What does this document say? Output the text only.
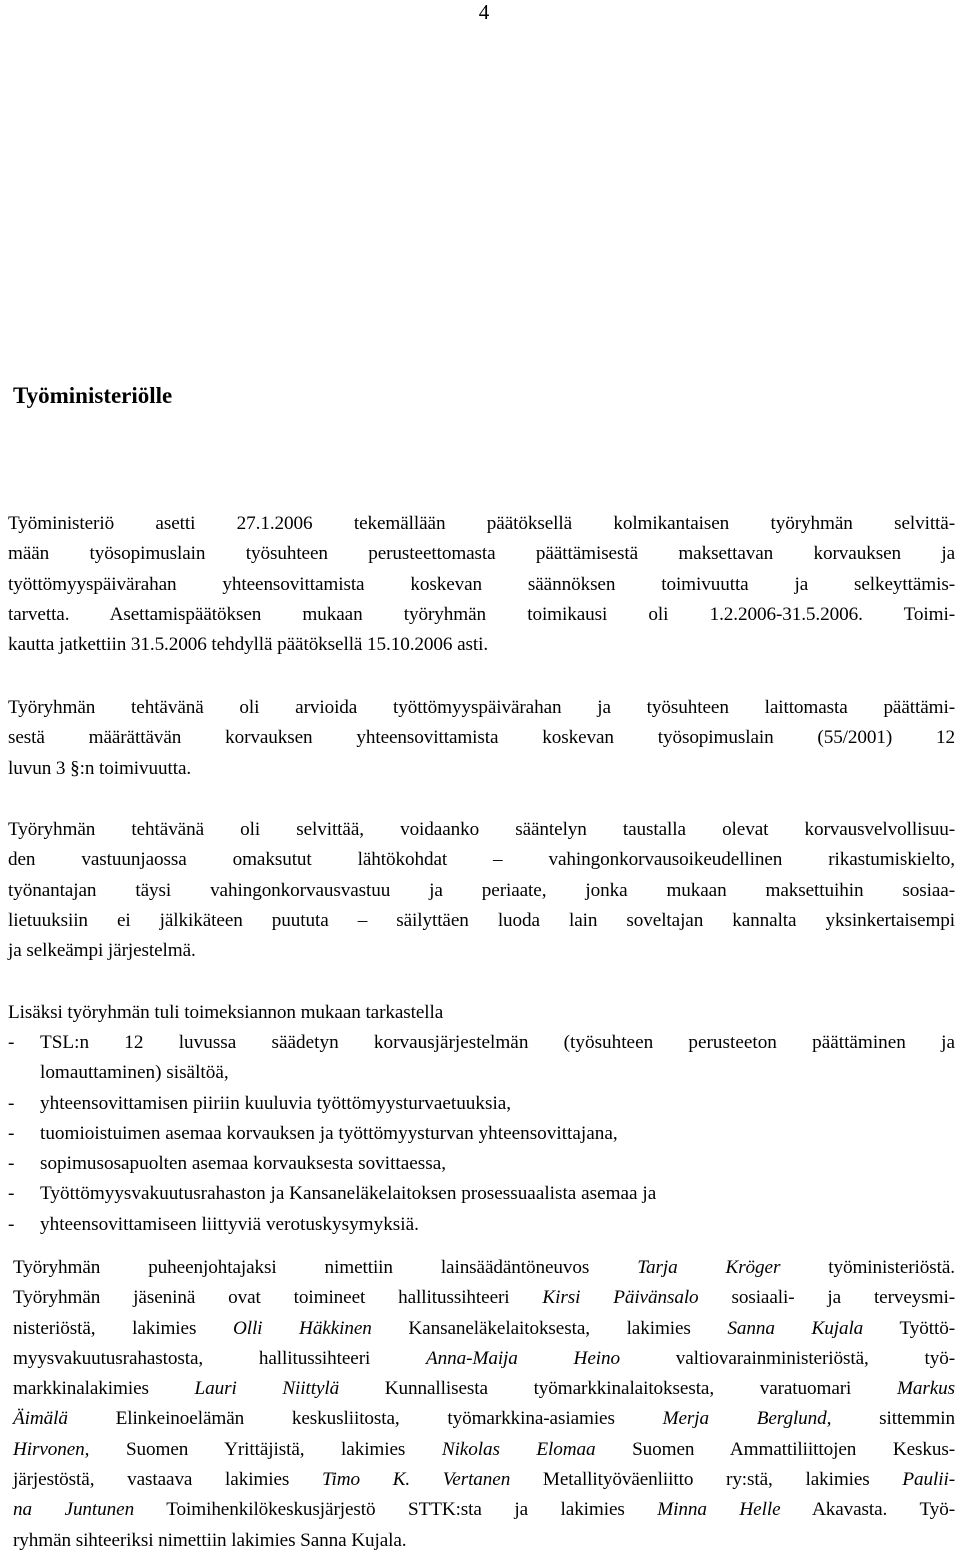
4
Työministeriölle

Työministeriö asetti 27.1.2006 tekemällään päätöksellä kolmikantaisen työryhmän selvittä-
mään työsopimuslain työsuhteen perusteettomasta päättämisestä maksettavan korvauksen ja
työttömyyspäivärahan yhteensovittamista koskevan säännöksen toimivuutta ja selkeyttämis-
tarvetta. Asettamispäätöksen mukaan työryhmän toimikausi oli 1.2.2006-31.5.2006. Toimi-
kautta jatkettiin 31.5.2006 tehdyllä päätöksellä 15.10.2006 asti.

Työryhmän tehtävänä oli arvioida työttömyyspäivärahan ja työsuhteen laittomasta päättämi-
sestä määrättävän korvauksen yhteensovittamista koskevan työsopimuslain (55/2001) 12
luvun 3 §:n toimivuutta.

Työryhmän tehtävänä oli selvittää, voidaanko sääntelyn taustalla olevat korvausvelvollisuu-
den vastuunjaossa omaksutut lähtökohdat – vahingonkorvausoikeudellinen rikastumiskielto,
työnantajan täysi vahingonkorvausvastuu ja periaate, jonka mukaan maksettuihin sosiaa-
lietuuksiin ei jälkikäteen puututa – säilyttäen luoda lain soveltajan kannalta yksinkertaisempi
ja selkeämpi järjestelmä.

Lisäksi työryhmän tuli toimeksiannon mukaan tarkastella

- TSL:n 12 luvussa säädetyn korvausjärjestelmän (työsuhteen perusteeton päättäminen ja
lomauttaminen) sisältöä,
- yhteensovittamisen piiriin kuuluvia työttömyysturvaetuuksia,
- tuomioistuimen asemaa korvauksen ja työttömyysturvan yhteensovittajana,
- sopimusosapuolten asemaa korvauksesta sovittaessa,
- Työttömyysvakuutusrahaston ja Kansaneläkelaitoksen prosessuaalista asemaa ja
- yhteensovittamiseen liittyviä verotuskysymyksiä.

Työryhmän puheenjohtajaksi nimettiin lainsäädäntöneuvos Tarja Kröger työministeriöstä.
Työryhmän jäseninä ovat toimineet hallitussihteeri Kirsi Päivänsalo sosiaali- ja terveysmi-
nisteriöstä, lakimies Olli Häkkinen Kansaneläkelaitoksesta, lakimies Sanna Kujala Työttö-
myysvakuutusrahastosta, hallitussihteeri Anna-Maija Heino valtiovarainministeriöstä, työ-
markkinalakimies Lauri Niittylä Kunnallisesta työmarkkinalaitoksesta, varatuomari Markus
Äimälä Elinkeinoelämän keskusliitosta, työmarkkina-asiamies Merja Berglund, sittemmin
Hirvonen, Suomen Yrittäjistä, lakimies Nikolas Elomaa Suomen Ammattiliittojen Keskus-
järjestöstä, vastaava lakimies Timo K. Vertanen Metallityöväenliitto ry:stä, lakimies Paulii-
na Juntunen Toimihenkilökeskusjärjestö STTK:sta ja lakimies Minna Helle Akavasta. Työ-
ryhmän sihteeriksi nimettiin lakimies Sanna Kujala.
